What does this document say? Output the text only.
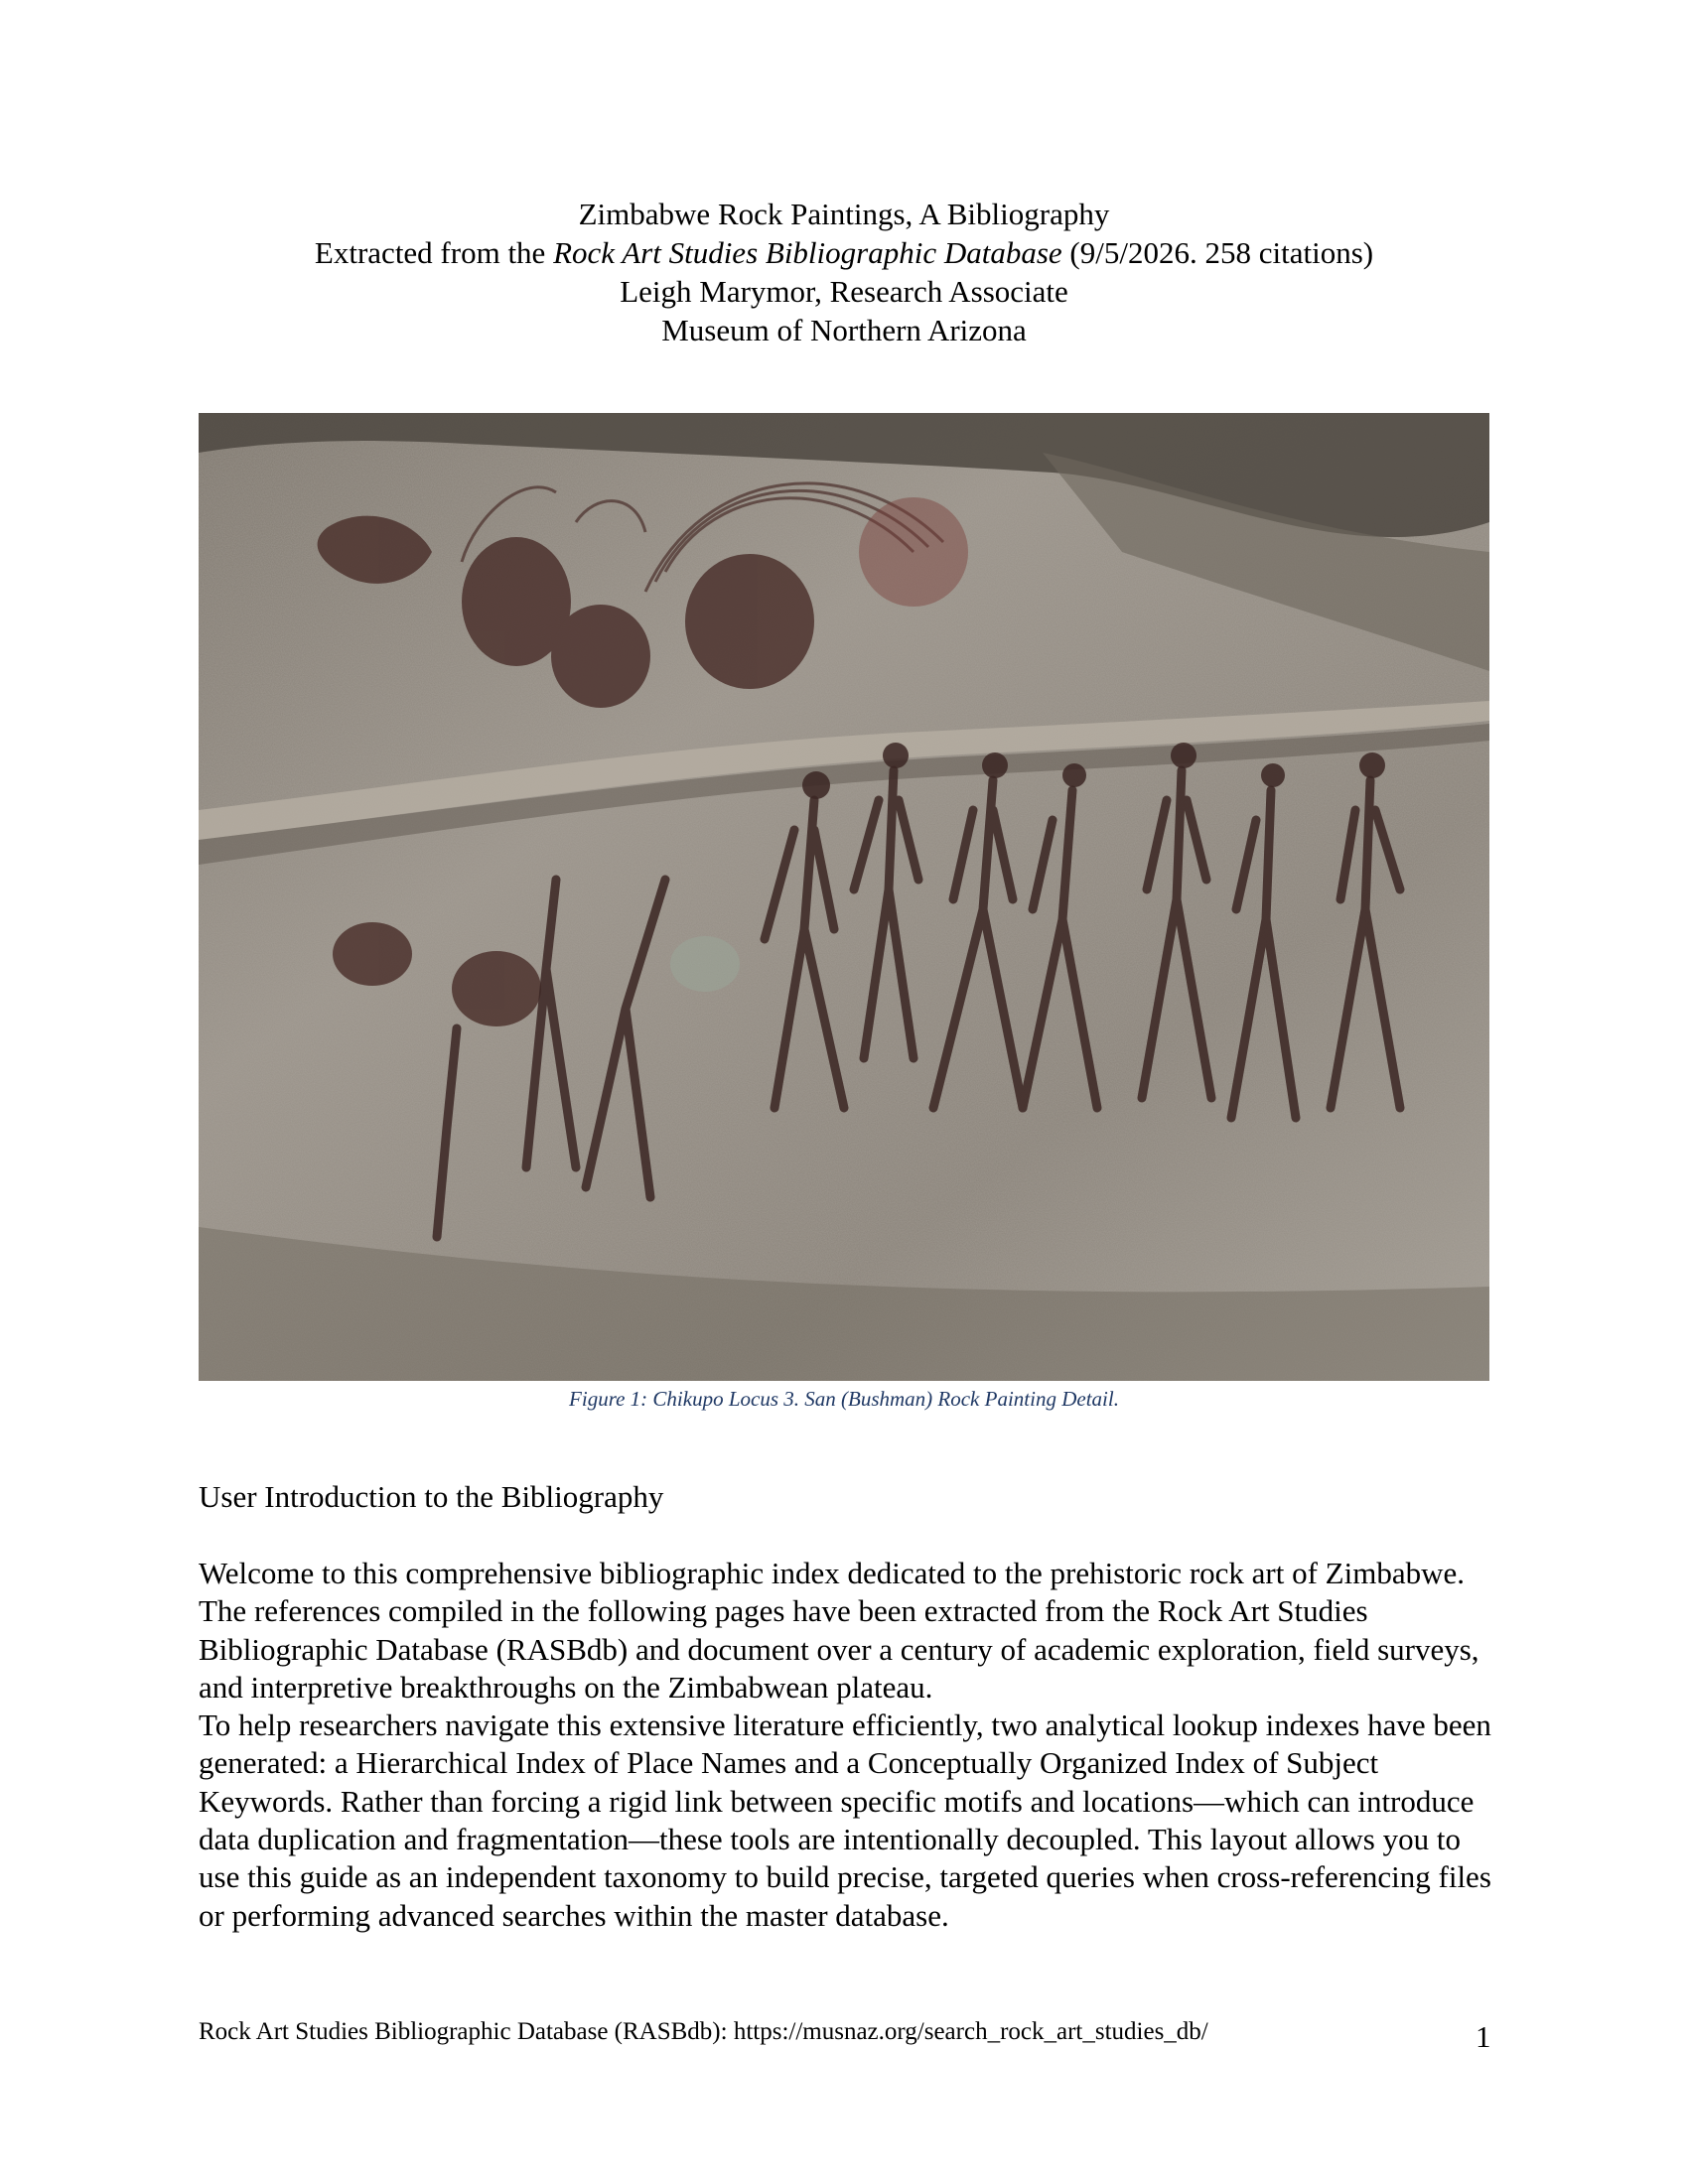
Zimbabwe Rock Paintings, A Bibliography
Extracted from the Rock Art Studies Bibliographic Database (9/5/2026. 258 citations)
Leigh Marymor, Research Associate
Museum of Northern Arizona
Figure 1: Chikupo Locus 3. San (Bushman) Rock Painting Detail.
User Introduction to the Bibliography

Welcome to this comprehensive bibliographic index dedicated to the prehistoric rock art of Zimbabwe. The references compiled in the following pages have been extracted from the Rock Art Studies Bibliographic Database (RASBdb) and document over a century of academic exploration, field surveys, and interpretive breakthroughs on the Zimbabwean plateau.

To help researchers navigate this extensive literature efficiently, two analytical lookup indexes have been generated: a Hierarchical Index of Place Names and a Conceptually Organized Index of Subject Keywords. Rather than forcing a rigid link between specific motifs and locations—which can introduce data duplication and fragmentation—these tools are intentionally decoupled. This layout allows you to use this guide as an independent taxonomy to build precise, targeted queries when cross-referencing files or performing advanced searches within the master database.

Rock Art Studies Bibliographic Database (RASBdb): https://musnaz.org/search_rock_art_studies_db/	1
